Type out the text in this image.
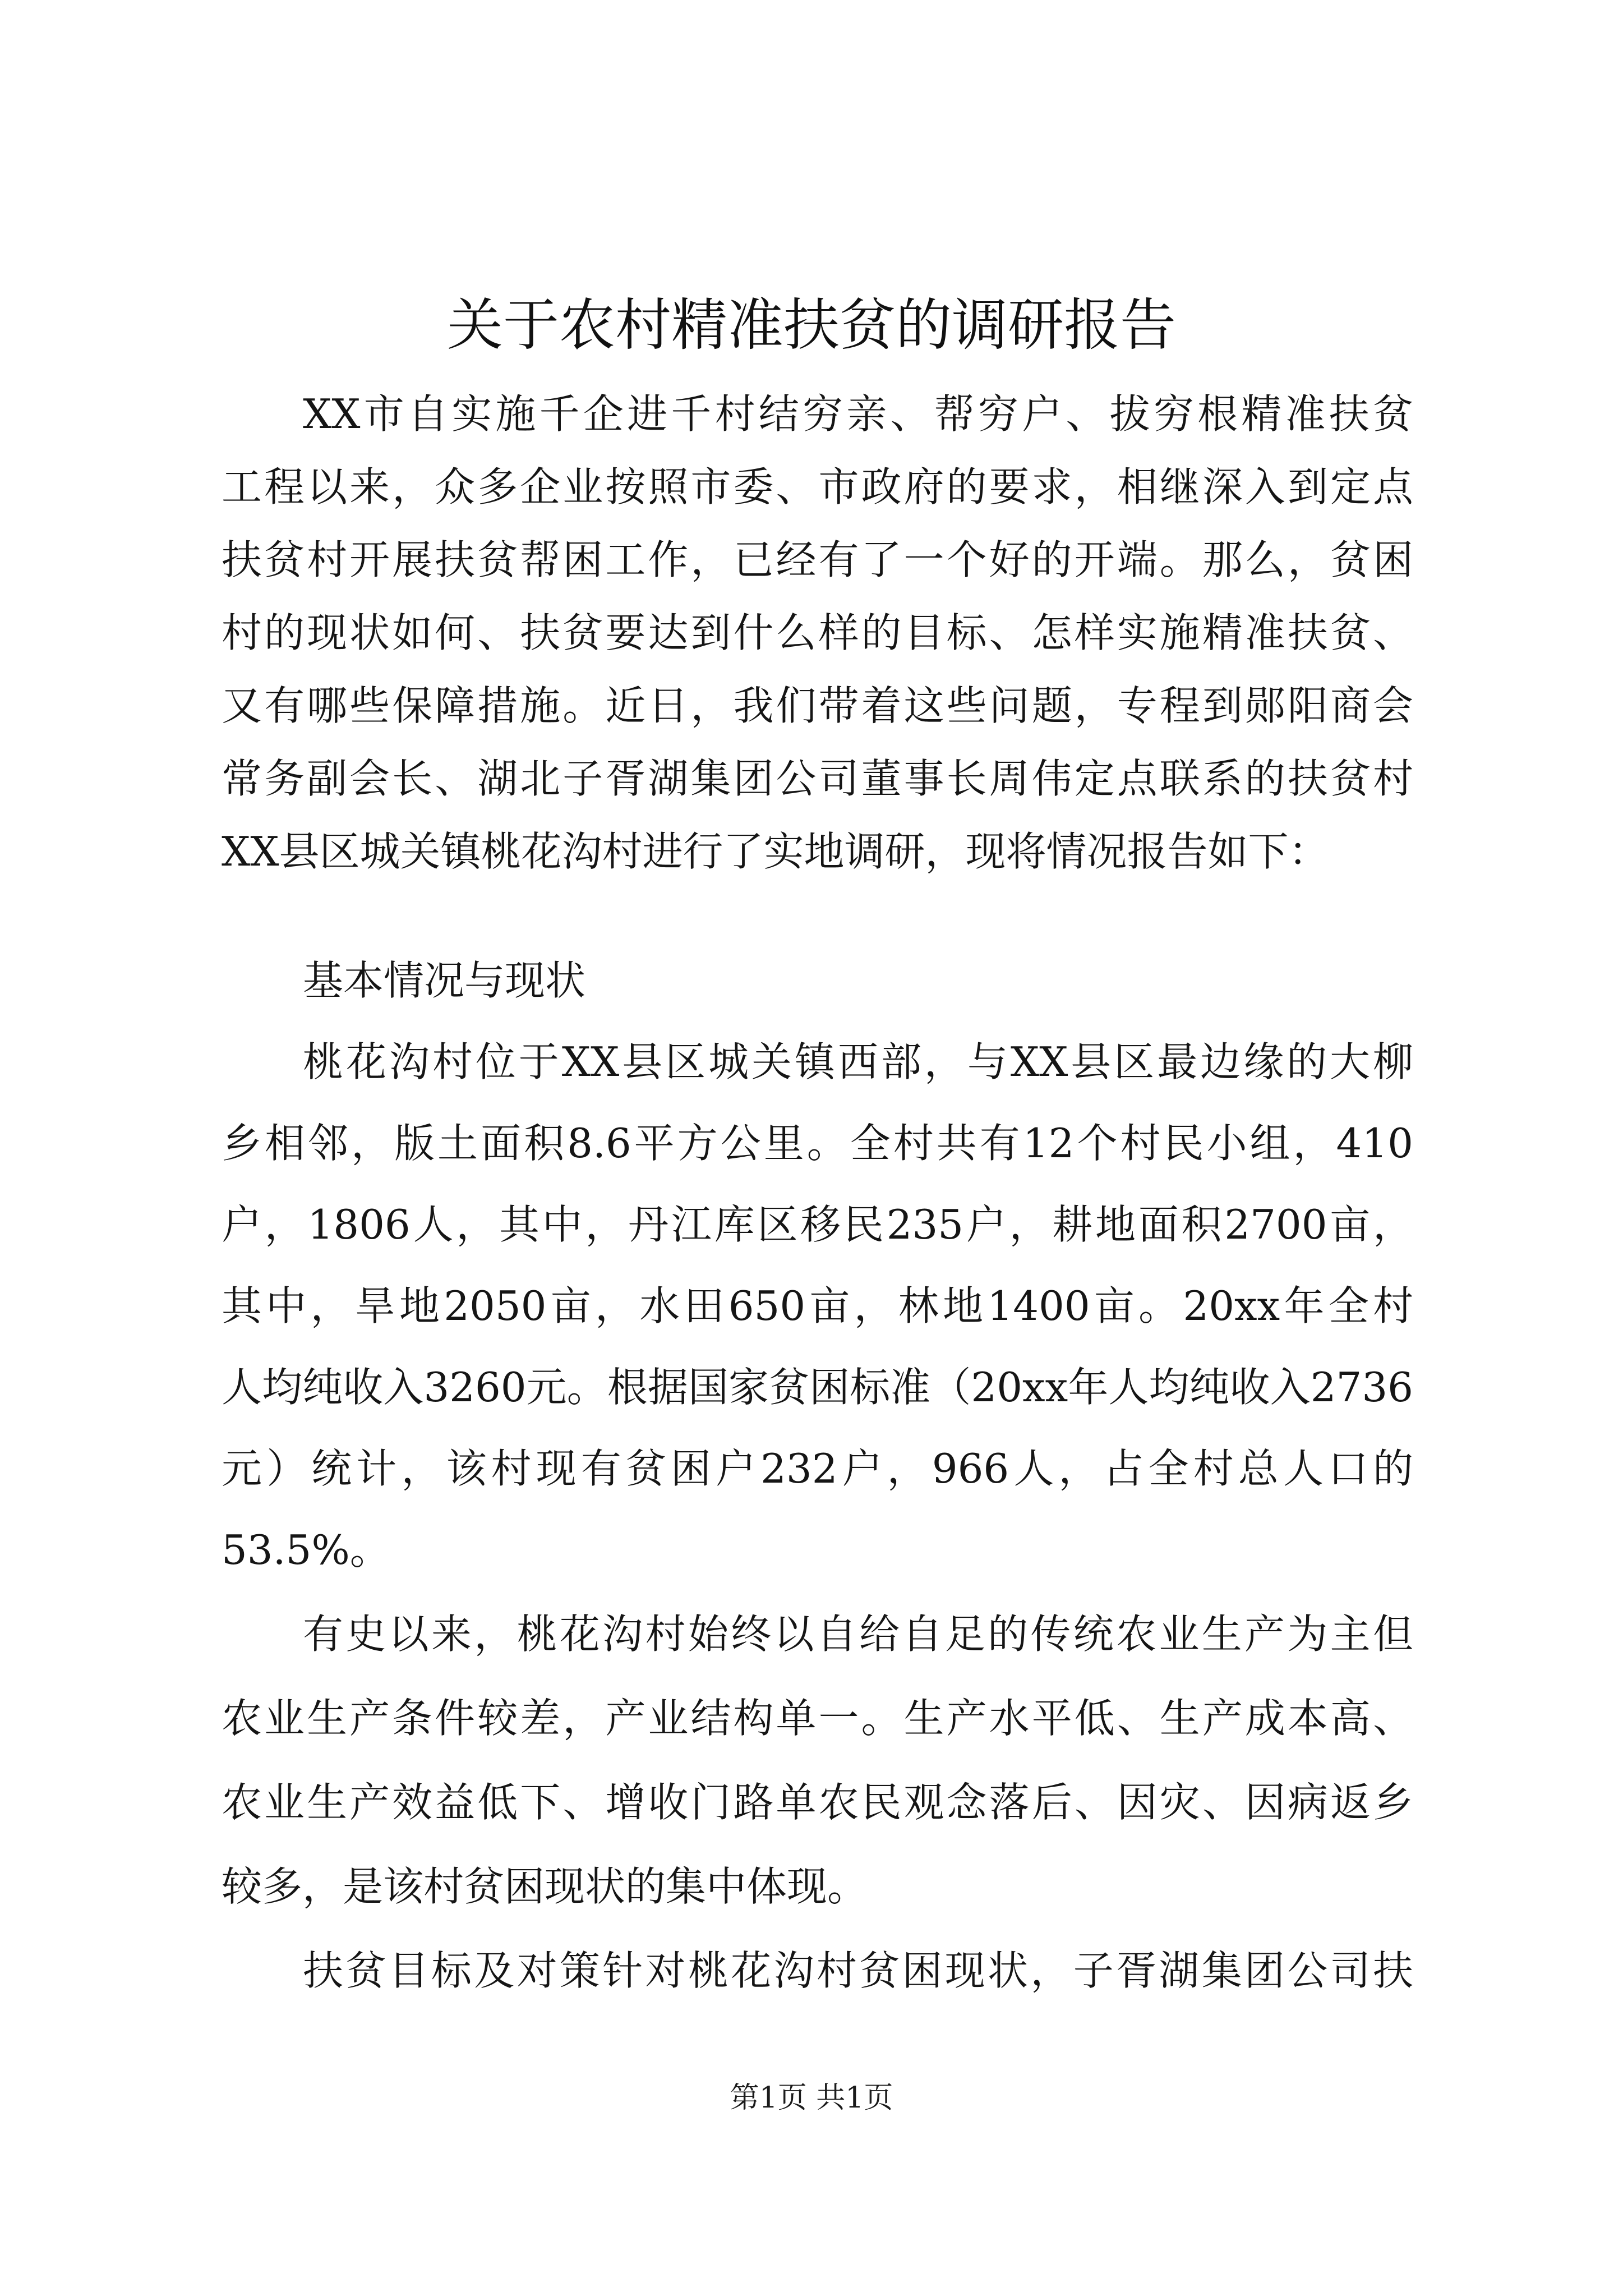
关于农村精准扶贫的调研报告

XX市自实施千企进千村结穷亲、帮穷户、拔穷根精准扶贫

工程以来，众多企业按照市委、市政府的要求，相继深入到定点

扶贫村开展扶贫帮困工作，已经有了一个好的开端。那么，贫困

村的现状如何、扶贫要达到什么样的目标、怎样实施精准扶贫、

又有哪些保障措施。近日，我们带着这些问题，专程到郧阳商会

常务副会长、湖北子胥湖集团公司董事长周伟定点联系的扶贫村

XX县区城关镇桃花沟村进行了实地调研，现将情况报告如下：

基本情况与现状

桃花沟村位于XX县区城关镇西部，与XX县区最边缘的大柳

乡相邻，版土面积8.6平方公里。全村共有12个村民小组，410

户，1806人，其中，丹江库区移民235户，耕地面积2700亩，

其中，旱地2050亩，水田650亩，林地1400亩。20xx年全村

人均纯收入3260元。根据国家贫困标准（20xx年人均纯收入2736

元）统计，该村现有贫困户232户，966人，占全村总人口的

53.5%。

有史以来，桃花沟村始终以自给自足的传统农业生产为主但

农业生产条件较差，产业结构单一。生产水平低、生产成本高、

农业生产效益低下、增收门路单农民观念落后、因灾、因病返乡

较多，是该村贫困现状的集中体现。

扶贫目标及对策针对桃花沟村贫困现状，子胥湖集团公司扶

第1页 共1页
